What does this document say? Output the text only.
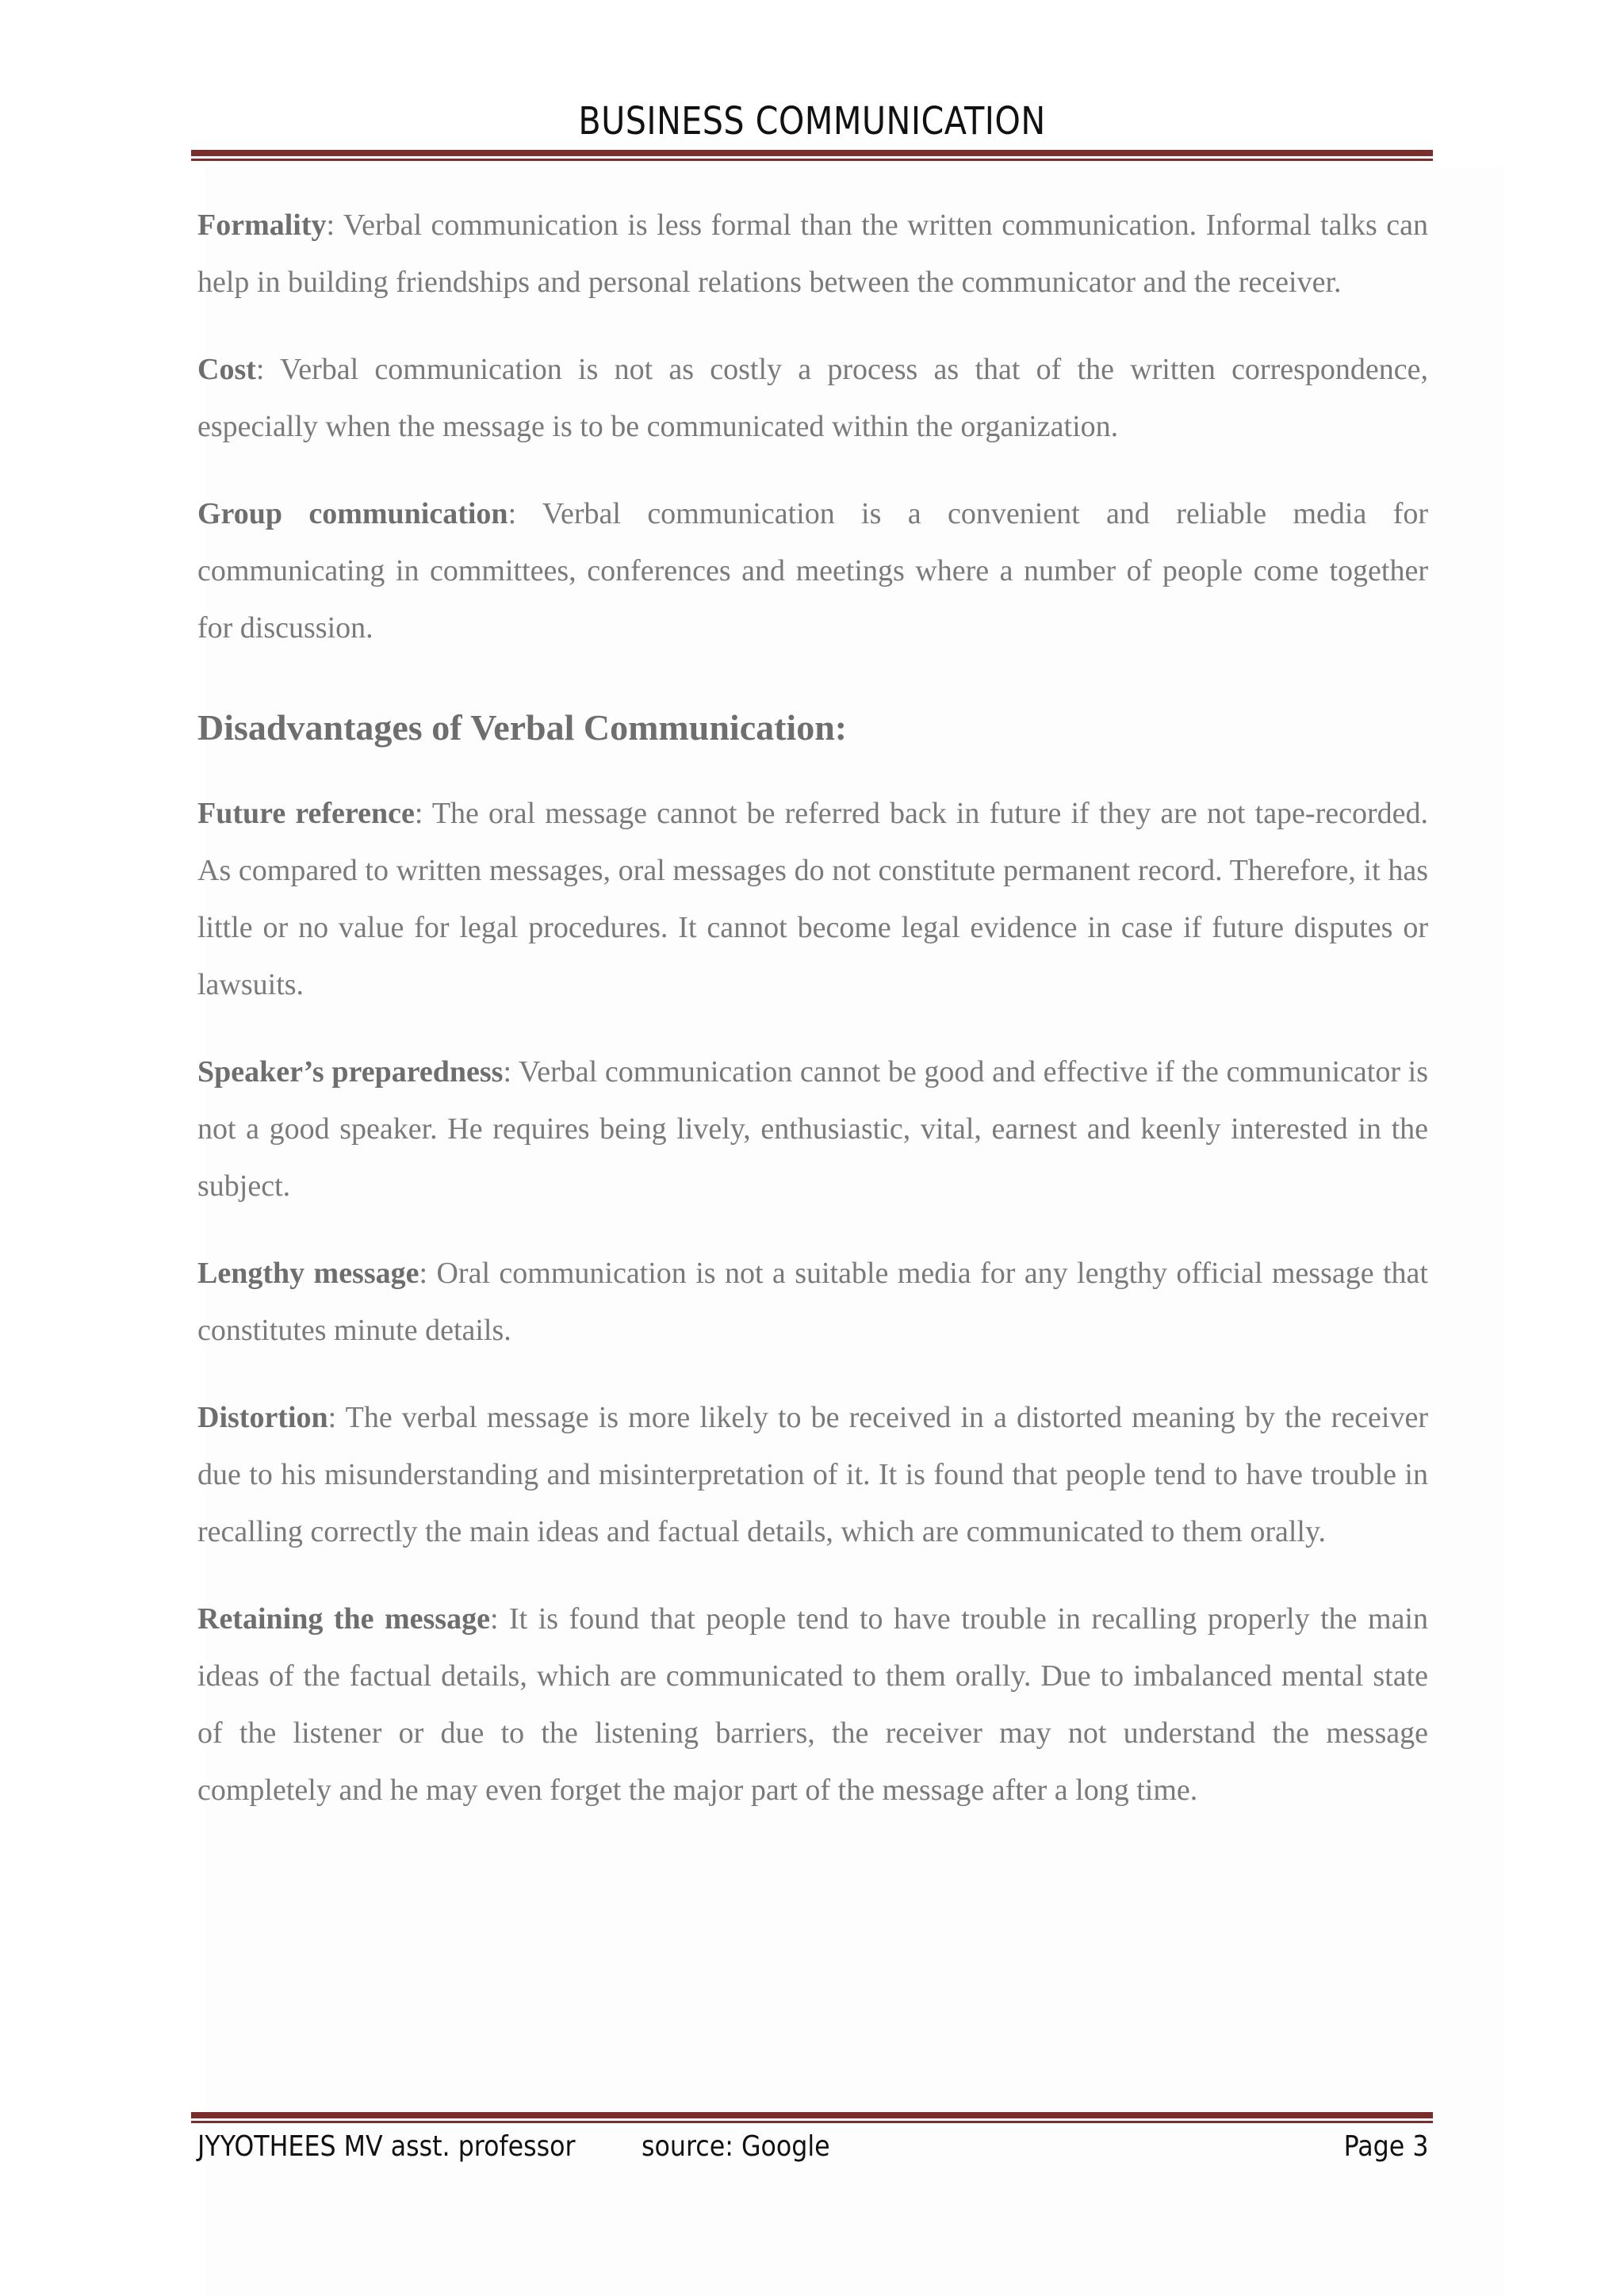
BUSINESS COMMUNICATION

Formality: Verbal communication is less formal than the written communication. Informal talks can help in building friendships and personal relations between the communicator and the receiver.

Cost: Verbal communication is not as costly a process as that of the written correspondence, especially when the message is to be communicated within the organization.

Group communication: Verbal communication is a convenient and reliable media for communicating in committees, conferences and meetings where a number of people come together for discussion.

Disadvantages of Verbal Communication:

Future reference: The oral message cannot be referred back in future if they are not tape-recorded. As compared to written messages, oral messages do not constitute permanent record. Therefore, it has little or no value for legal procedures. It cannot become legal evidence in case if future disputes or lawsuits.

Speaker’s preparedness: Verbal communication cannot be good and effective if the communicator is not a good speaker. He requires being lively, enthusiastic, vital, earnest and keenly interested in the subject.

Lengthy message: Oral communication is not a suitable media for any lengthy official message that constitutes minute details.

Distortion: The verbal message is more likely to be received in a distorted meaning by the receiver due to his misunderstanding and misinterpretation of it. It is found that people tend to have trouble in recalling correctly the main ideas and factual details, which are communicated to them orally.

Retaining the message: It is found that people tend to have trouble in recalling properly the main ideas of the factual details, which are communicated to them orally. Due to imbalanced mental state of the listener or due to the listening barriers, the receiver may not understand the message completely and he may even forget the major part of the message after a long time.

JYYOTHEES MV asst. professor source: Google	Page 3
